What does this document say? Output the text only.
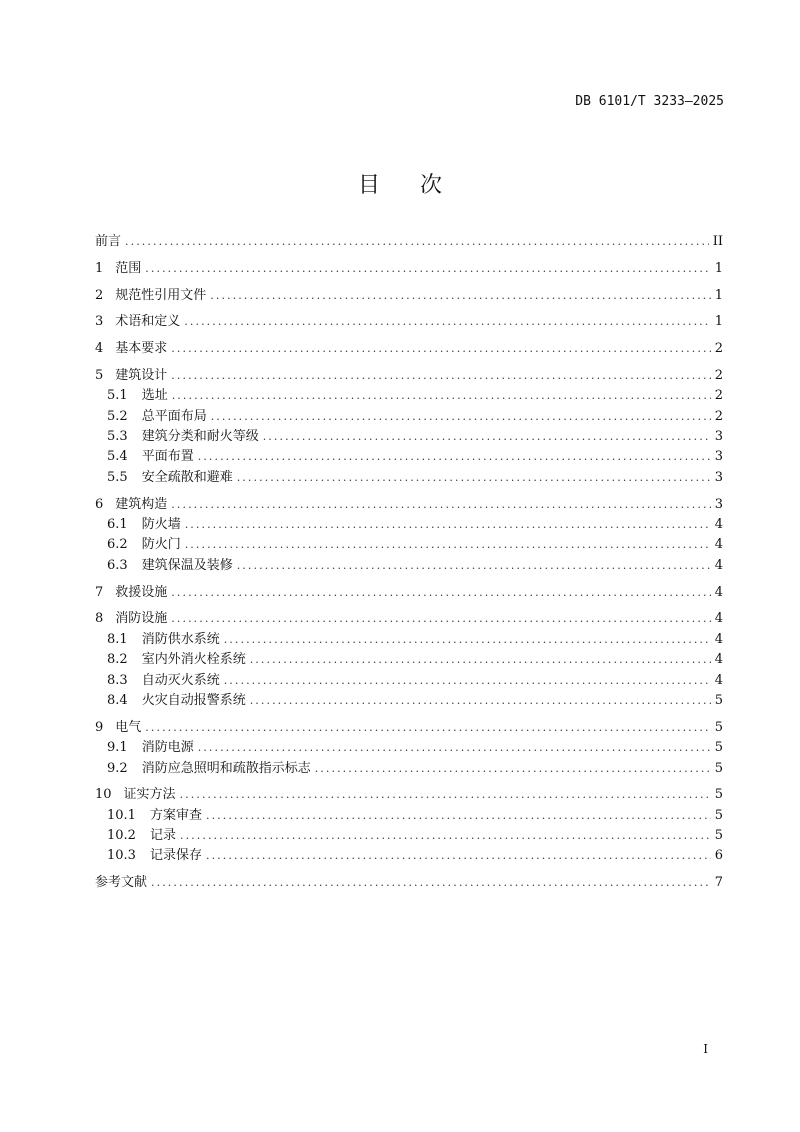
DB 6101/T 3233—2025
目次
前言 .....	II
1 范围 .....	1
2 规范性引用文件 .....	1
3 术语和定义 .....	1
4 基本要求 .....	2
5 建筑设计 .....	2
5.1 选址 .....	2
5.2 总平面布局 .....	2
5.3 建筑分类和耐火等级 .....	3
5.4 平面布置 .....	3
5.5 安全疏散和避难 .....	3
6 建筑构造 .....	3
6.1 防火墙 .....	4
6.2 防火门 .....	4
6.3 建筑保温及装修 .....	4
7 救援设施 .....	4
8 消防设施 .....	4
8.1 消防供水系统 .....	4
8.2 室内外消火栓系统 .....	4
8.3 自动灭火系统 .....	4
8.4 火灾自动报警系统 .....	5
9 电气 .....	5
9.1 消防电源 .....	5
9.2 消防应急照明和疏散指示标志 .....	5
10 证实方法 .....	5
10.1 方案审查 .....	5
10.2 记录 .....	5
10.3 记录保存 .....	6
参考文献 .....	7
I
